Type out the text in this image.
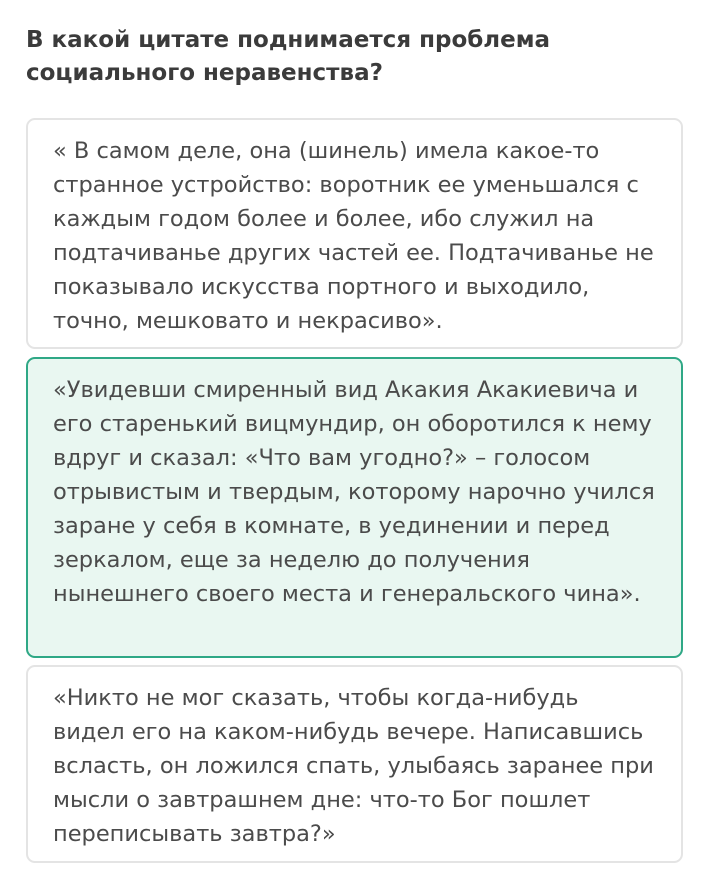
В какой цитате поднимается проблема социального неравенства?

« В самом деле, она (шинель) имела какое-то странное устройство: воротник ее уменьшался с каждым годом более и более, ибо служил на подтачиванье других частей ее. Подтачиванье не показывало искусства портного и выходило, точно, мешковато и некрасиво».

«Увидевши смиренный вид Акакия Акакиевича и его старенький вицмундир, он оборотился к нему вдруг и сказал: «Что вам угодно?» – голосом отрывистым и твердым, которому нарочно учился заране у себя в комнате, в уединении и перед зеркалом, еще за неделю до получения нынешнего своего места и генеральского чина».

«Никто не мог сказать, чтобы когда-нибудь видел его на каком-нибудь вечере. Написавшись всласть, он ложился спать, улыбаясь заранее при мысли о завтрашнем дне: что-то Бог пошлет переписывать завтра?»
